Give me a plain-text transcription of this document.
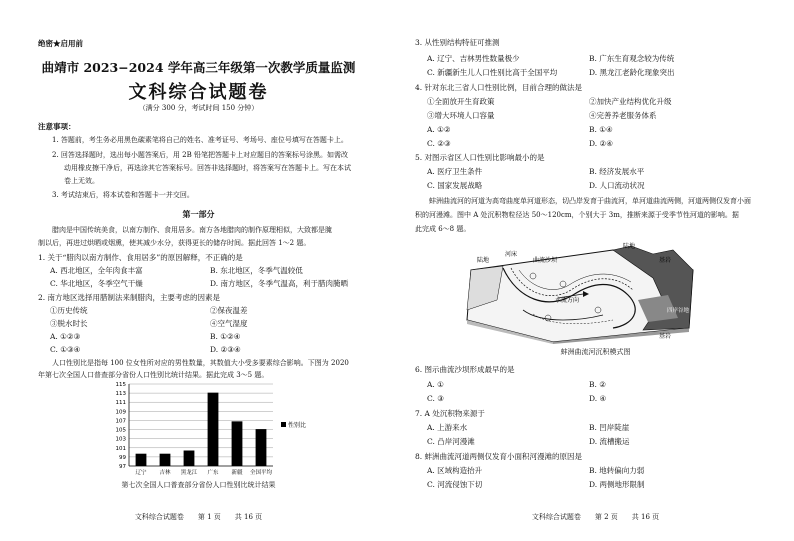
绝密★启用前
曲靖市 2023−2024 学年高三年级第一次教学质量监测
文科综合试题卷
（满分 300 分，考试时间 150 分钟）
注意事项：
1. 答题前，考生务必用黑色碳素笔将自己的姓名、准考证号、考场号、座位号填写在答题卡上。
2. 回答选择题时，选出每小题答案后，用 2B 铅笔把答题卡上对应题目的答案标号涂黑。如需改
动用橡皮擦干净后，再选涂其它答案标号。回答非选择题时，将答案写在答题卡上。写在本试
卷上无效。
3. 考试结束后，将本试卷和答题卡一并交回。
第一部分
　　腊肉是中国传统美食，以南方制作、食用居多。南方各地腊肉的制作原理相似，大致都是腌
制以后，再进过烘晒或烟熏，使其减少水分，获得更长的储存时间。据此回答 1～2 题。
1. 关于“腊肉以南方制作、食用居多”的原因解释，不正确的是
A. 西北地区，全年肉食丰富	B. 东北地区，冬季气温较低
C. 华北地区，冬季空气干燥	D. 南方地区，冬季气温高，利于腊肉腌晒
2. 南方地区选择用腊制法来制腊肉，主要考虑的因素是
①历史传统	②保夜温差
③脱水时长	④空气湿度
A. ①②③	B. ①②④
C. ①③④	D. ②③④
　　人口性别比是指每 100 位女性所对应的男性数量，其数值大小受多要素综合影响。下图为 2020
年第七次全国人口普查部分省份人口性别比统计结果。据此完成 3～5 题。
115
113
111
109
107
105
103
101
99
97
辽宁 吉林 黑龙江 广东 新疆 全国平均
性别比
第七次全国人口普查部分省份人口性别比统计结果
文科综合试题卷　　第 1 页　　共 16 页
3. 从性别结构特征可推测
A. 辽宁、吉林男性数量极少	B. 广东生育观念较为传统
C. 新疆新生儿人口性别比高于全国平均	D. 黑龙江老龄化现象突出
4. 针对东北三省人口性别比例，目前合理的做法是
①全面放开生育政策	②加快产业结构优化升级
③增大环境人口容量	④完善养老服务体系
A. ①②	B. ①④
C. ②③	D. ②④
5. 对图示省区人口性别比影响最小的是
A. 医疗卫生条件	B. 经济发展水平
C. 国家发展战略	D. 人口流动状况
　　蚌洲曲流河的河道为高弯曲度单河道形态，切凸岸发育于曲流河，单河道曲流两侧，河道两侧仅发育小面
积的河漫滩。图中 A 处沉积物粒径达 50～120cm，个别大于 3m，推断来源于受季节性河道的影响。据
此完成 6～8 题。
陆地
河床
曲流沙坝
水流方向
陆地
基岩
基岩
四岸谷地
蚌洲曲流河沉积模式图
6. 图示曲流沙坝形成最早的是
A. ①	B. ②
C. ③	D. ④
7. A 处沉积物来源于
A. 上游来水	B. 凹岸陡崖
C. 凸岸河漫滩	D. 流槽搬运
8. 蚌洲曲流河道两侧仅发育小面积河漫滩的原因是
A. 区域构造抬升	B. 地转偏向力弱
C. 河流侵蚀下切	D. 两侧地形限制
文科综合试题卷　　第 2 页　　共 16 页
